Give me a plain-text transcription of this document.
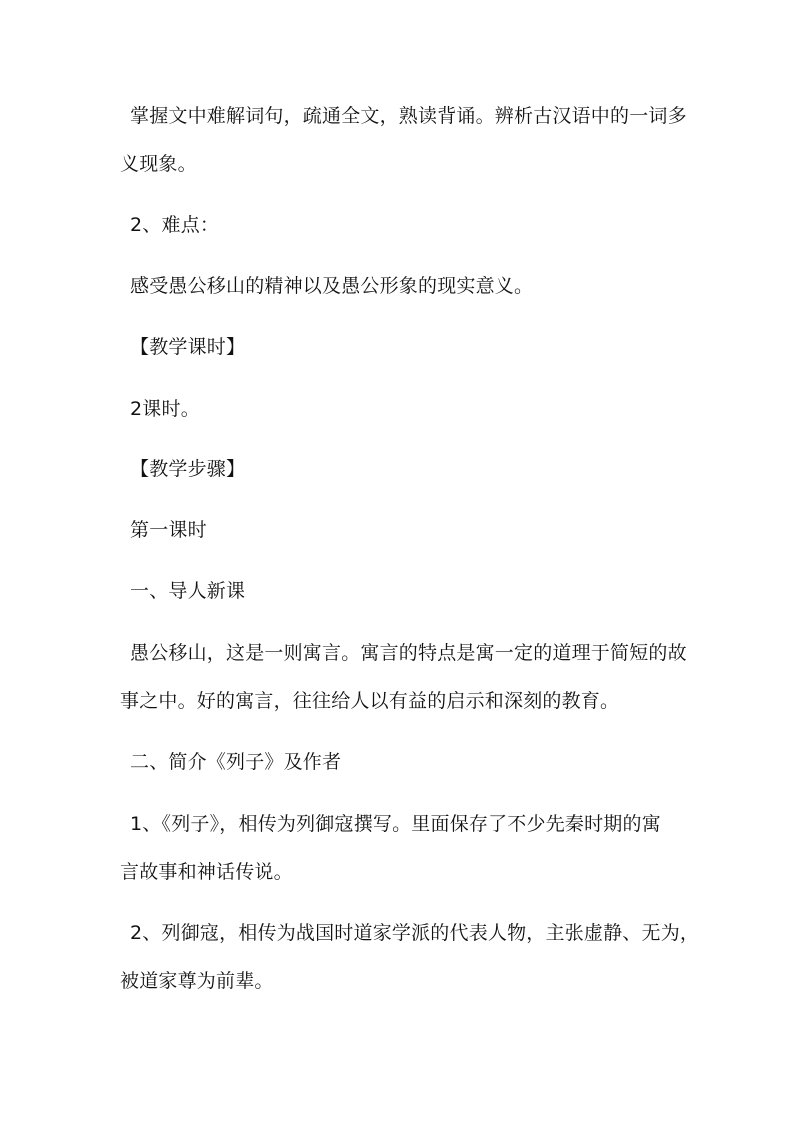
掌握文中难解词句，疏通全文，熟读背诵。辨析古汉语中的一词多
义现象。
2、难点：
感受愚公移山的精神以及愚公形象的现实意义。
【教学课时】
2课时。
【教学步骤】
第一课时
一、导人新课
愚公移山，这是一则寓言。寓言的特点是寓一定的道理于简短的故
事之中。好的寓言，往往给人以有益的启示和深刻的教育。
二、简介《列子》及作者
1、《列子》，相传为列御寇撰写。里面保存了不少先秦时期的寓
言故事和神话传说。
2、列御寇，相传为战国时道家学派的代表人物，主张虚静、无为，
被道家尊为前辈。
